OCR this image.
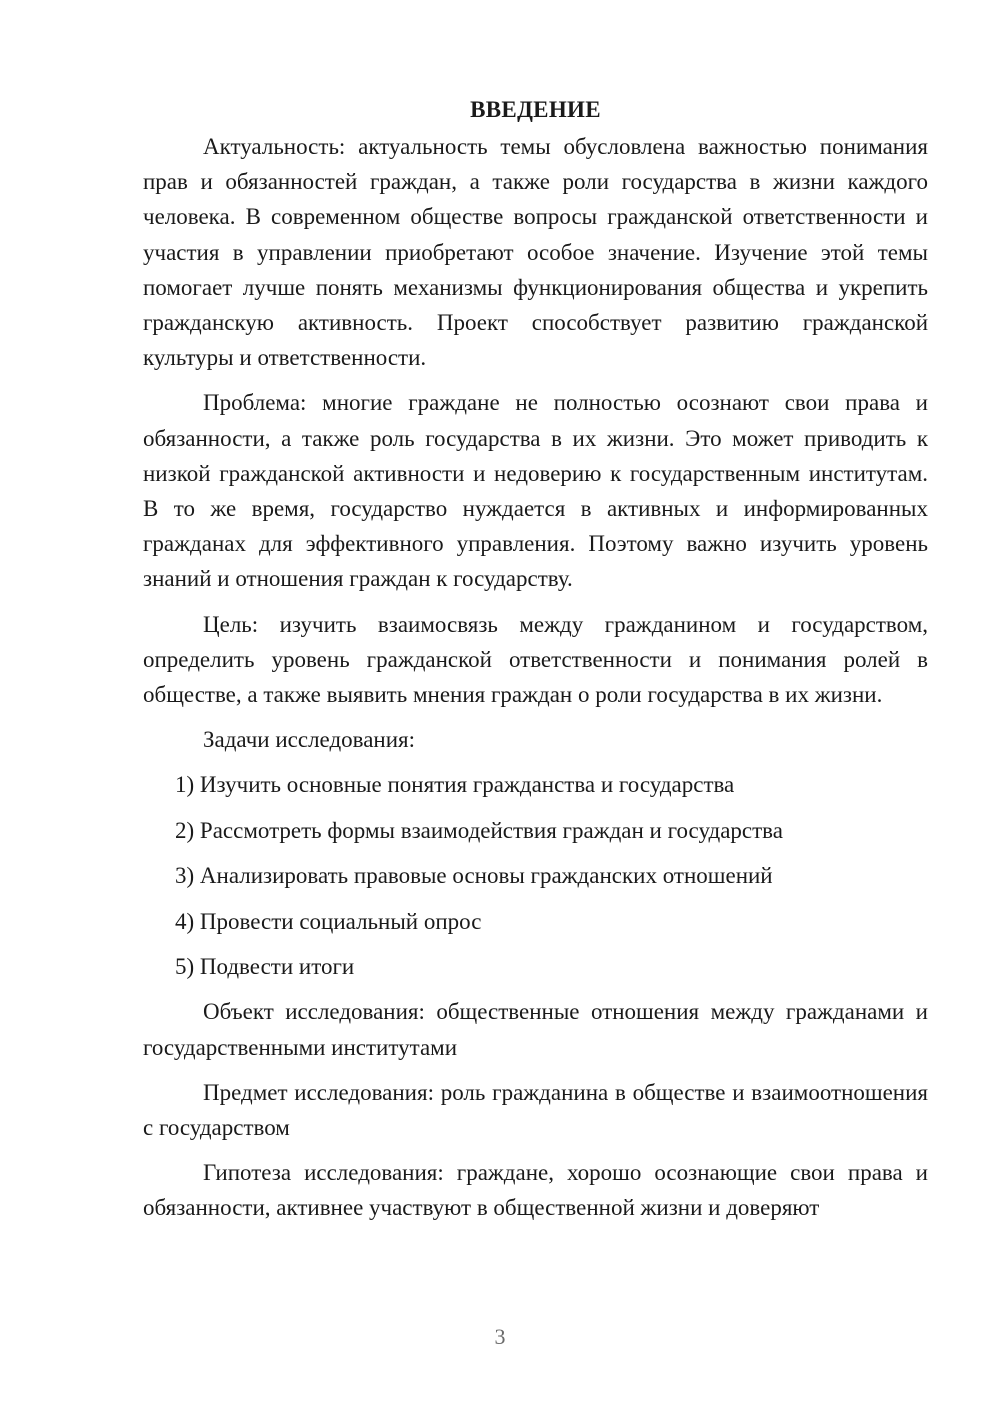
ВВЕДЕНИЕ
Актуальность: актуальность темы обусловлена важностью понимания прав и обязанностей граждан, а также роли государства в жизни каждого человека. В современном обществе вопросы гражданской ответственности и участия в управлении приобретают особое значение. Изучение этой темы помогает лучше понять механизмы функционирования общества и укрепить гражданскую активность. Проект способствует развитию гражданской культуры и ответственности.
Проблема: многие граждане не полностью осознают свои права и обязанности, а также роль государства в их жизни. Это может приводить к низкой гражданской активности и недоверию к государственным институтам. В то же время, государство нуждается в активных и информированных гражданах для эффективного управления. Поэтому важно изучить уровень знаний и отношения граждан к государству.
Цель: изучить взаимосвязь между гражданином и государством, определить уровень гражданской ответственности и понимания ролей в обществе, а также выявить мнения граждан о роли государства в их жизни.
Задачи исследования:
1) Изучить основные понятия гражданства и государства
2) Рассмотреть формы взаимодействия граждан и государства
3) Анализировать правовые основы гражданских отношений
4) Провести социальный опрос
5) Подвести итоги
Объект исследования: общественные отношения между гражданами и государственными институтами
Предмет исследования: роль гражданина в обществе и взаимоотношения с государством
Гипотеза исследования: граждане, хорошо осознающие свои права и обязанности, активнее участвуют в общественной жизни и доверяют
3
